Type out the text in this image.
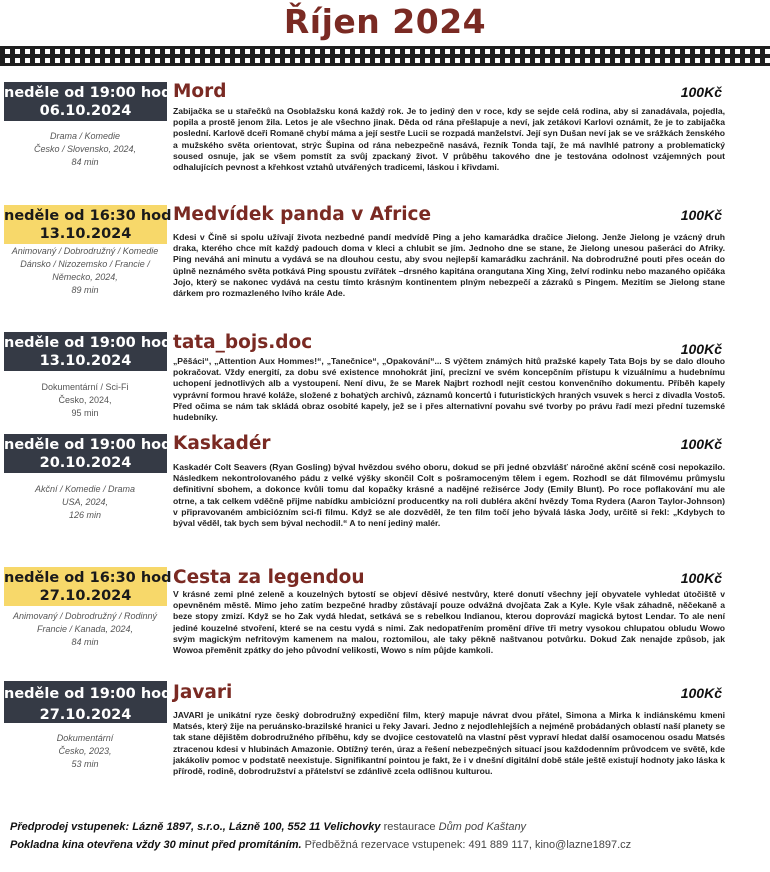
Říjen 2024
neděle od 19:00 hod
06.10.2024
Drama / Komedie
Česko / Slovensko, 2024,
84 min
Mord	100Kč
Zabijačka se u stařečků na Osoblažsku koná každý rok. Je to jediný den v roce, kdy se sejde celá rodina, aby si zanadávala, pojedla, popila a prostě jenom žila. Letos je ale všechno jinak. Děda od rána přešlapuje a neví, jak zetákovi Karlovi oznámit, že je to zabijačka poslední. Karlově dceři Romaně chybí máma a její sestře Lucii se rozpadá manželství. Její syn Dušan neví jak se ve srážkách ženského a mužského světa orientovat, strýc Šupina od rána nebezpečně nasává, řezník Tonda tají, že má navlhlé patrony a problematický soused osnuje, jak se všem pomstít za svůj zpackaný život. V průběhu takového dne je testována odolnost vzájemných pout odhalujících pevnost a křehkost vztahů utvářených tradicemi, láskou i křivdami.
neděle od 16:30 hod
13.10.2024
Animovaný / Dobrodružný / Komedie
Dánsko / Nizozemsko / Francie /
Německo, 2024,
89 min
Medvídek panda v Africe	100Kč
Kdesi v Číně si spolu užívají života nezbedné pandí medvídě Ping a jeho kamarádka dračice Jielong. Jenže Jielong je vzácný druh draka, kterého chce mít každý padouch doma v kleci a chlubit se jím. Jednoho dne se stane, že Jielong unesou pašeráci do Afriky. Ping neváhá ani minutu a vydává se na dlouhou cestu, aby svou nejlepší kamarádku zachránil. Na dobrodružné pouti přes oceán do úplně neznámého světa potkává Ping spoustu zvířátek –drsného kapitána orangutana Xing Xing, želví rodinku nebo mazaného opičáka Jojo, který se nakonec vydává na cestu tímto krásným kontinentem plným nebezpečí a zázraků s Pingem. Mezitím se Jielong stane dárkem pro rozmazleného lvího krále Ade.
neděle od 19:00 hod
13.10.2024
Dokumentární / Sci-Fi
Česko, 2024,
95 min
tata_bojs.doc	100Kč
„Pěšáci“, „Attention Aux Hommes!“, „Tanečnice“, „Opakování“... S výčtem známých hitů pražské kapely Tata Bojs by se dalo dlouho pokračovat. Vždy energití, za dobu své existence mnohokrát jiní, precizní ve svém koncepčním přístupu k vizuálnímu a hudebnímu uchopení jednotlivých alb a vystoupení. Není divu, že se Marek Najbrt rozhodl nejít cestou konvenčního dokumentu. Příběh kapely vyprávní formou hravé koláže, složené z bohatých archivů, záznamů koncertů i futuristických hraných vsuvek s herci z divadla Vosto5. Před očima se nám tak skládá obraz osobité kapely, jež se i přes alternativní povahu své tvorby po právu řadí mezi přední tuzemské hudebníky.
neděle od 19:00 hod
20.10.2024
Akční / Komedie / Drama
USA, 2024,
126 min
Kaskadér	100Kč
Kaskadér Colt Seavers (Ryan Gosling) býval hvězdou svého oboru, dokud se při jedné obzvlášť náročné akční scéně cosi nepokazilo. Následkem nekontrolovaného pádu z velké výšky skončil Colt s pošramoceným tělem i egem. Rozhodl se dát filmovému průmyslu definitivní sbohem, a dokonce kvůli tomu dal kopačky krásné a nadějné režisérce Jody (Emily Blunt). Po roce poflakování mu ale otrne, a tak celkem vděčně přijme nabídku ambiciózní producentky na roli dubléra akční hvězdy Toma Rydera (Aaron Taylor-Johnson) v připravovaném ambiciózním sci-fi filmu. Když se ale dozvěděl, že ten film točí jeho bývalá láska Jody, určitě si řekl: „Kdybych to býval věděl, tak bych sem býval nechodil.“ A to není jediný malér.
neděle od 16:30 hod
27.10.2024
Animovaný / Dobrodružný / Rodinný
Francie / Kanada, 2024,
84 min
Cesta za legendou	100Kč
V krásné zemi plné zeleně a kouzelných bytostí se objeví děsivé nestvůry, které donutí všechny její obyvatele vyhledat útočiště v opevněném městě. Mimo jeho zatím bezpečné hradby zůstávají pouze odvážná dvojčata Zak a Kyle. Kyle však záhadně, něčekaně a beze stopy zmizí. Když se ho Zak vydá hledat, setkává se s rebelkou Indianou, kterou doprovází magická bytost Lendar. To ale není jediné kouzelné stvoření, které se na cestu vydá s nimi. Zak nedopatřením promění dříve tři metry vysokou chlupatou obludu Wowo svým magickým nefritovým kamenem na malou, roztomilou, ale taky pěkně naštvanou potvůrku. Dokud Zak nenajde způsob, jak Wowoa přeměnit zpátky do jeho původní velikosti, Wowo s ním půjde kamkoli.
neděle od 19:00 hod
27.10.2024
Dokumentární
Česko, 2023,
53 min
Javari	100Kč
JAVARI je unikátní ryze český dobrodružný expediční film, který mapuje návrat dvou přátel, Simona a Mirka k indiánskému kmeni Matsés, který žije na peruánsko-brazilské hranici u řeky Javari. Jedno z nejodlehlejších a nejméně probádaných oblastí naší planety se tak stane dějištěm dobrodružného příběhu, kdy se dvojice cestovatelů na vlastní pěst vypraví hledat další osamocenou osadu Matsés ztracenou kdesi v hlubinách Amazonie. Obtížný terén, úraz a řešení nebezpečných situací jsou každodenním průvodcem ve světě, kde jakákoliv pomoc v podstatě neexistuje. Signifikantní pointou je fakt, že i v dnešní digitální době stále ještě existují hodnoty jako láska k přírodě, rodině, dobrodružství a přátelství se zdánlivě zcela odlišnou kulturou.
Předprodej vstupenek: Lázně 1897, s.r.o., Lázně 100, 552 11 Velichovky restaurace Dům pod Kaštany
Pokladna kina otevřena vždy 30 minut před promítáním. Předběžná rezervace vstupenek: 491 889 117, kino@lazne1897.cz
